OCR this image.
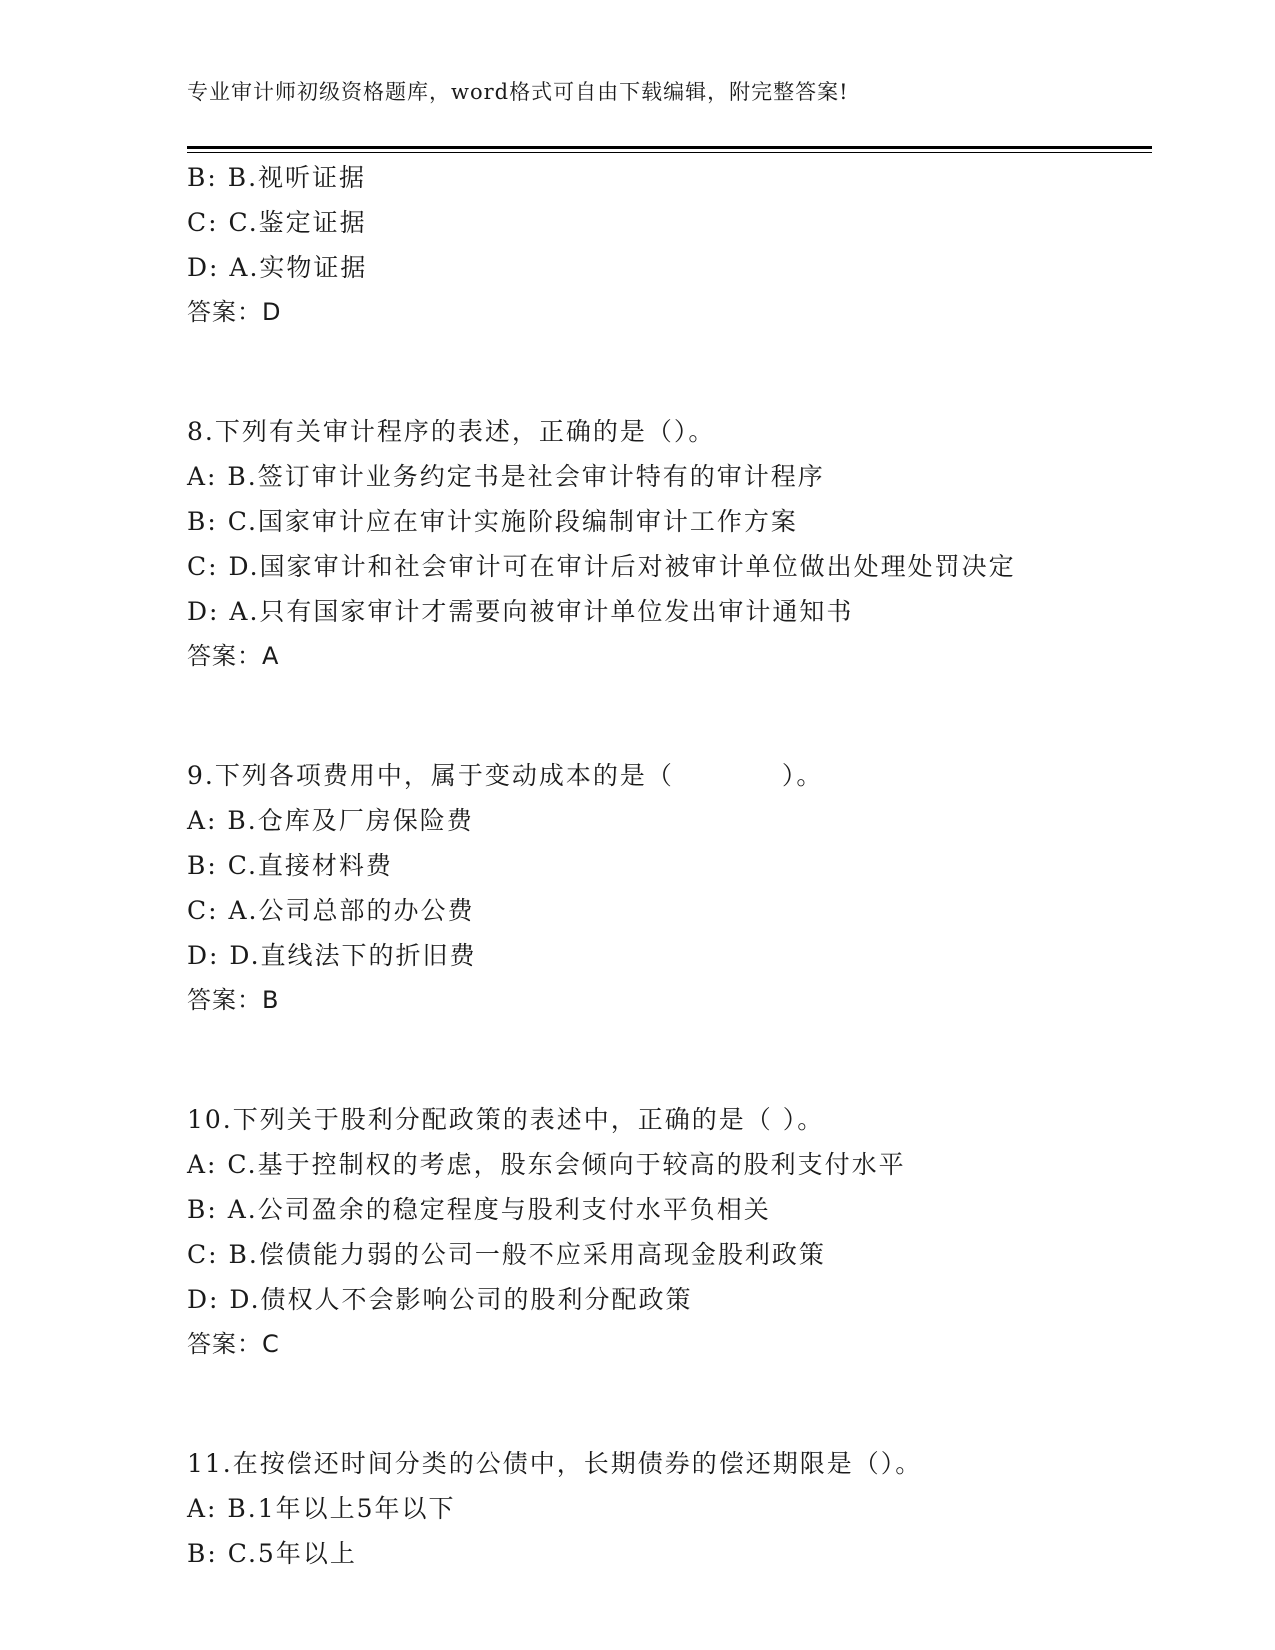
专业审计师初级资格题库，word格式可自由下载编辑，附完整答案!
B: B.视听证据
C: C.鉴定证据
D: A.实物证据
答案：D
8.下列有关审计程序的表述，正确的是（）。
A: B.签订审计业务约定书是社会审计特有的审计程序
B: C.国家审计应在审计实施阶段编制审计工作方案
C: D.国家审计和社会审计可在审计后对被审计单位做出处理处罚决定
D: A.只有国家审计才需要向被审计单位发出审计通知书
答案：A
9.下列各项费用中，属于变动成本的是（　　　　）。
A: B.仓库及厂房保险费
B: C.直接材料费
C: A.公司总部的办公费
D: D.直线法下的折旧费
答案：B
10.下列关于股利分配政策的表述中，正确的是（ ）。
A: C.基于控制权的考虑，股东会倾向于较高的股利支付水平
B: A.公司盈余的稳定程度与股利支付水平负相关
C: B.偿债能力弱的公司一般不应采用高现金股利政策
D: D.债权人不会影响公司的股利分配政策
答案：C
11.在按偿还时间分类的公债中，长期债券的偿还期限是（）。
A: B.1年以上5年以下
B: C.5年以上
